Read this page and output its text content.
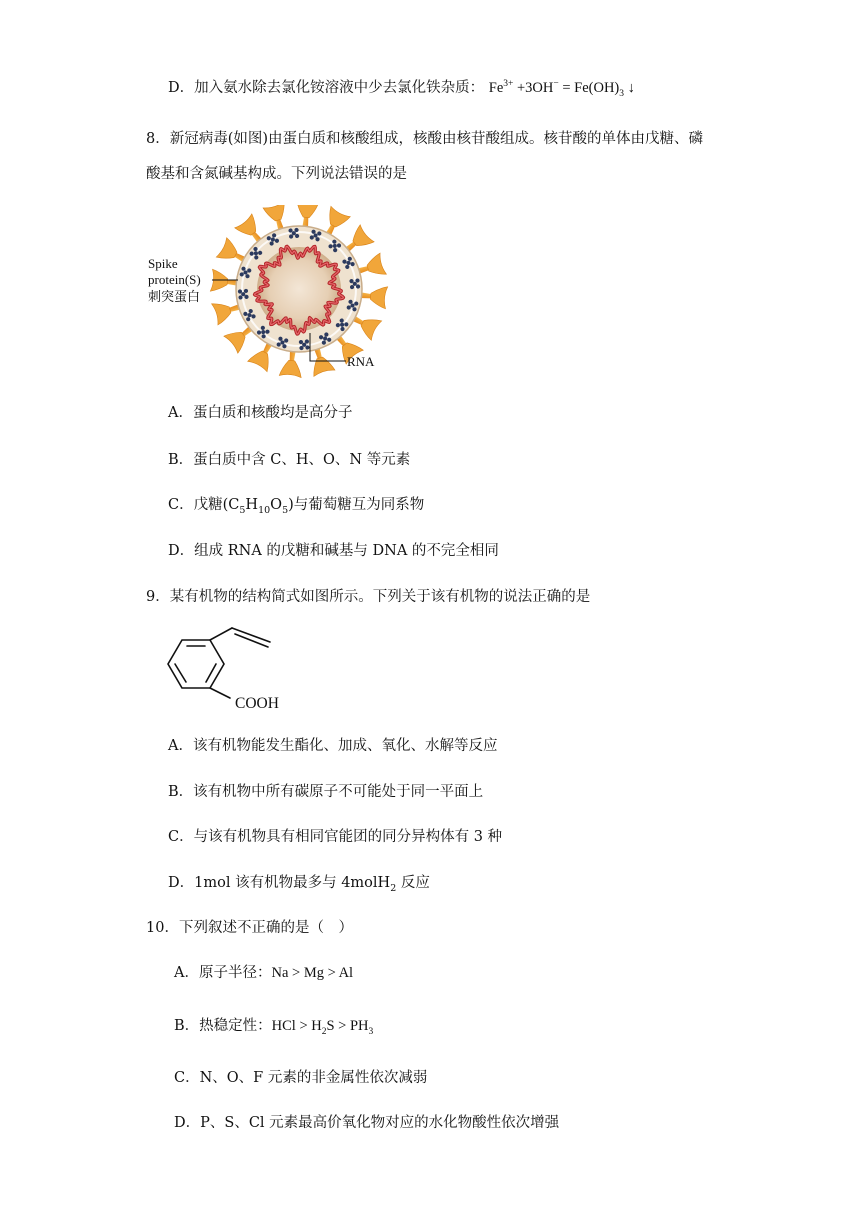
D．加入氨水除去氯化铵溶液中少去氯化铁杂质： $Fe^{3+} +3OH^- = Fe(OH)_3$ ↓
8．新冠病毒(如图)由蛋白质和核酸组成，核酸由核苷酸组成。核苷酸的单体由戊糖、磷
酸基和含氮碱基构成。下列说法错误的是
Spike
protein(S)
刺突蛋白
RNA
A．蛋白质和核酸均是高分子
B．蛋白质中含 C、H、O、N 等元素
C．戊糖$(C_5H_{10}O_5)$与葡萄糖互为同系物
D．组成 RNA 的戊糖和碱基与 DNA 的不完全相同
9．某有机物的结构简式如图所示。下列关于该有机物的说法正确的是
COOH
A．该有机物能发生酯化、加成、氧化、水解等反应
B．该有机物中所有碳原子不可能处于同一平面上
C．与该有机物具有相同官能团的同分异构体有 3 种
D．1mol 该有机物最多与 4molH$_2$ 反应
10．下列叙述不正确的是（　）
A．原子半径：Na > Mg > Al
B．热稳定性：HCl > $H_2S > PH_3$
C．N、O、F 元素的非金属性依次减弱
D．P、S、Cl 元素最高价氧化物对应的水化物酸性依次增强
